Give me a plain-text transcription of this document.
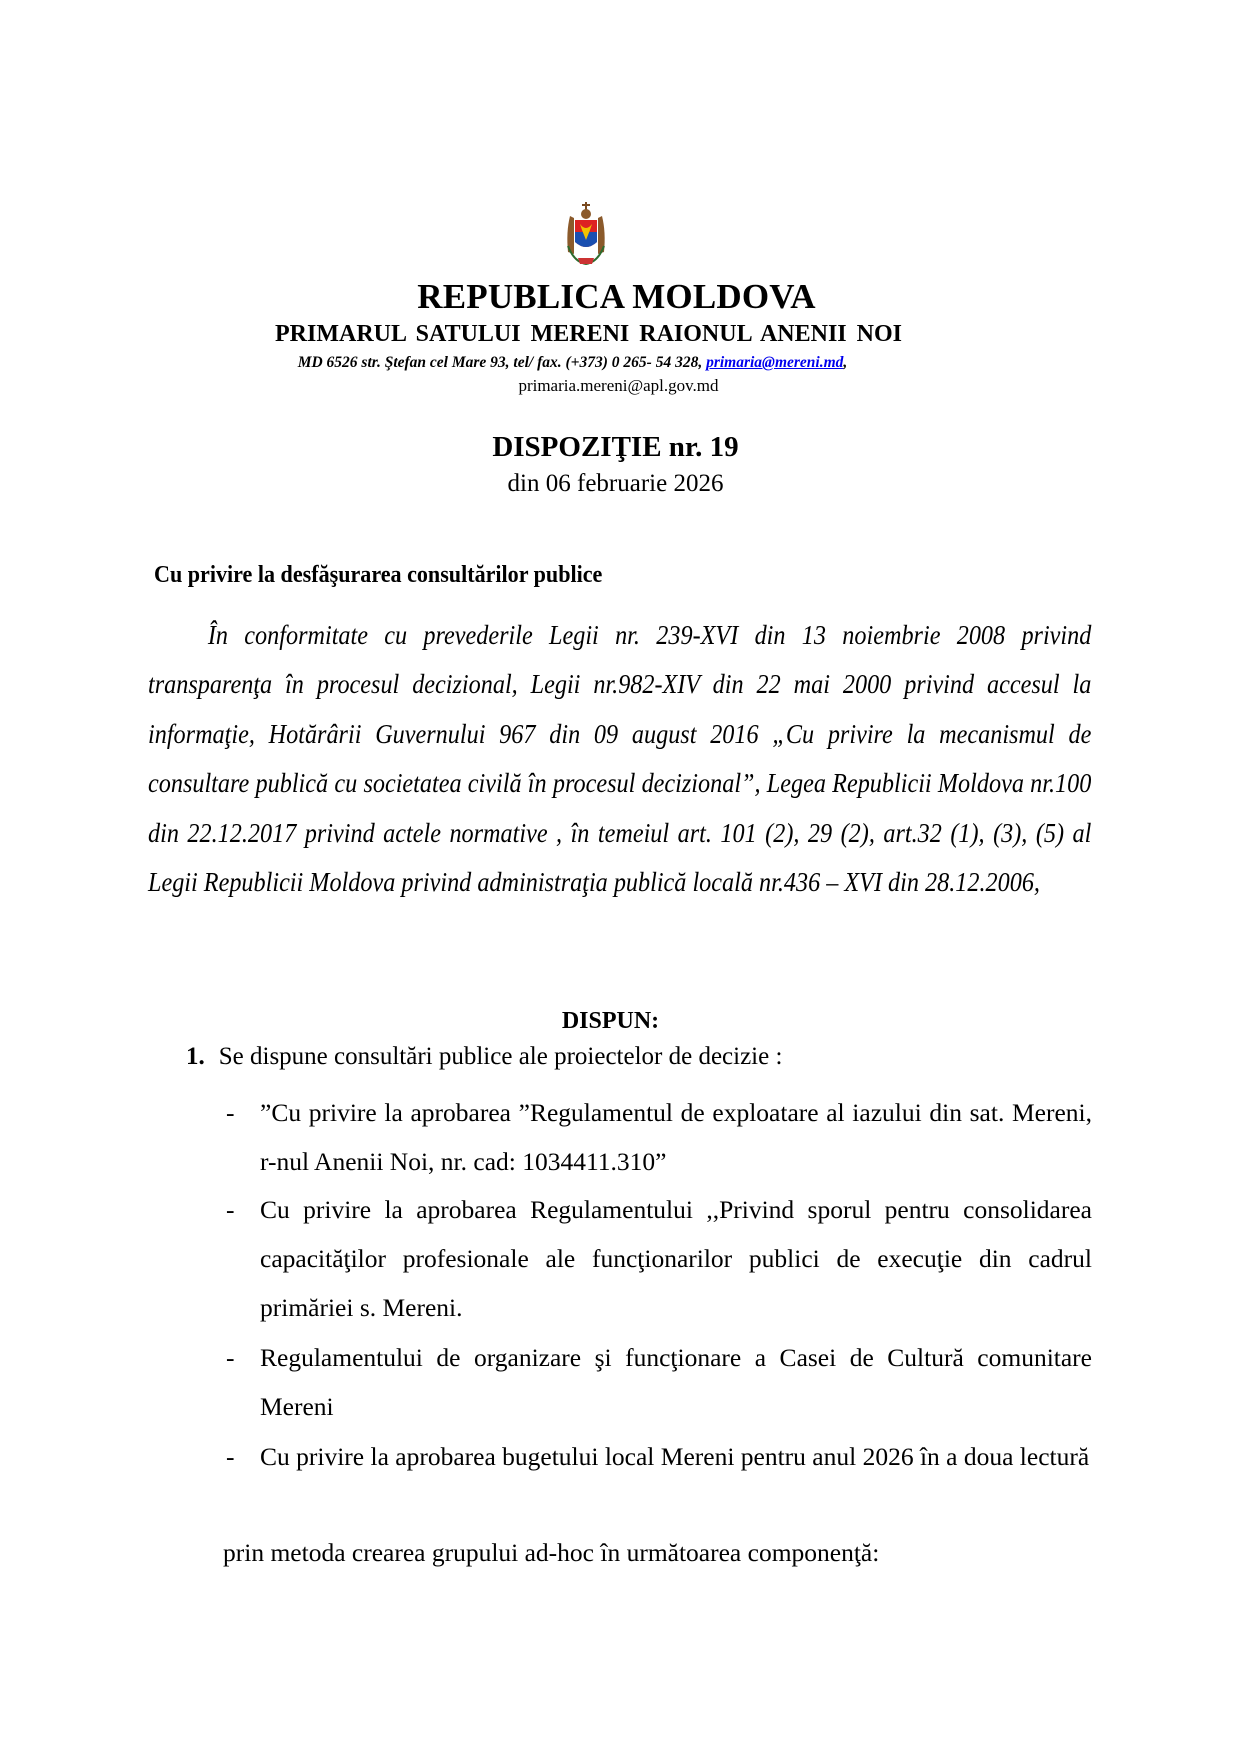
REPUBLICA MOLDOVA
PRIMARUL SATULUI MERENI RAIONUL ANENII NOI
MD 6526 str. Ştefan cel Mare 93, tel/ fax. (+373) 0 265- 54 328, primaria@mereni.md,
primaria.mereni@apl.gov.md
DISPOZIŢIE nr. 19
din 06 februarie 2026
Cu privire la desfăşurarea consultărilor publice
În conformitate cu prevederile Legii nr. 239-XVI din 13 noiembrie 2008 privind transparenţa în procesul decizional, Legii nr.982-XIV din 22 mai 2000 privind accesul la informaţie, Hotărârii Guvernului 967 din 09 august 2016 „Cu privire la mecanismul de consultare publică cu societatea civilă în procesul decizional”, Legea Republicii Moldova nr.100 din 22.12.2017 privind actele normative , în temeiul art. 101 (2), 29 (2), art.32 (1), (3), (5) al Legii Republicii Moldova privind administraţia publică locală nr.436 – XVI din 28.12.2006,
DISPUN:
1. Se dispune consultări publice ale proiectelor de decizie :
- ”Cu privire la aprobarea ”Regulamentul de exploatare al iazului din sat. Mereni, r-nul Anenii Noi, nr. cad: 1034411.310”
- Cu privire la aprobarea Regulamentului ,,Privind sporul pentru consolidarea capacităţilor profesionale ale funcţionarilor publici de execuţie din cadrul primăriei s. Mereni.
- Regulamentului de organizare şi funcţionare a Casei de Cultură comunitare Mereni
- Cu privire la aprobarea bugetului local Mereni pentru anul 2026 în a doua lectură
prin metoda crearea grupului ad-hoc în următoarea componenţă:
